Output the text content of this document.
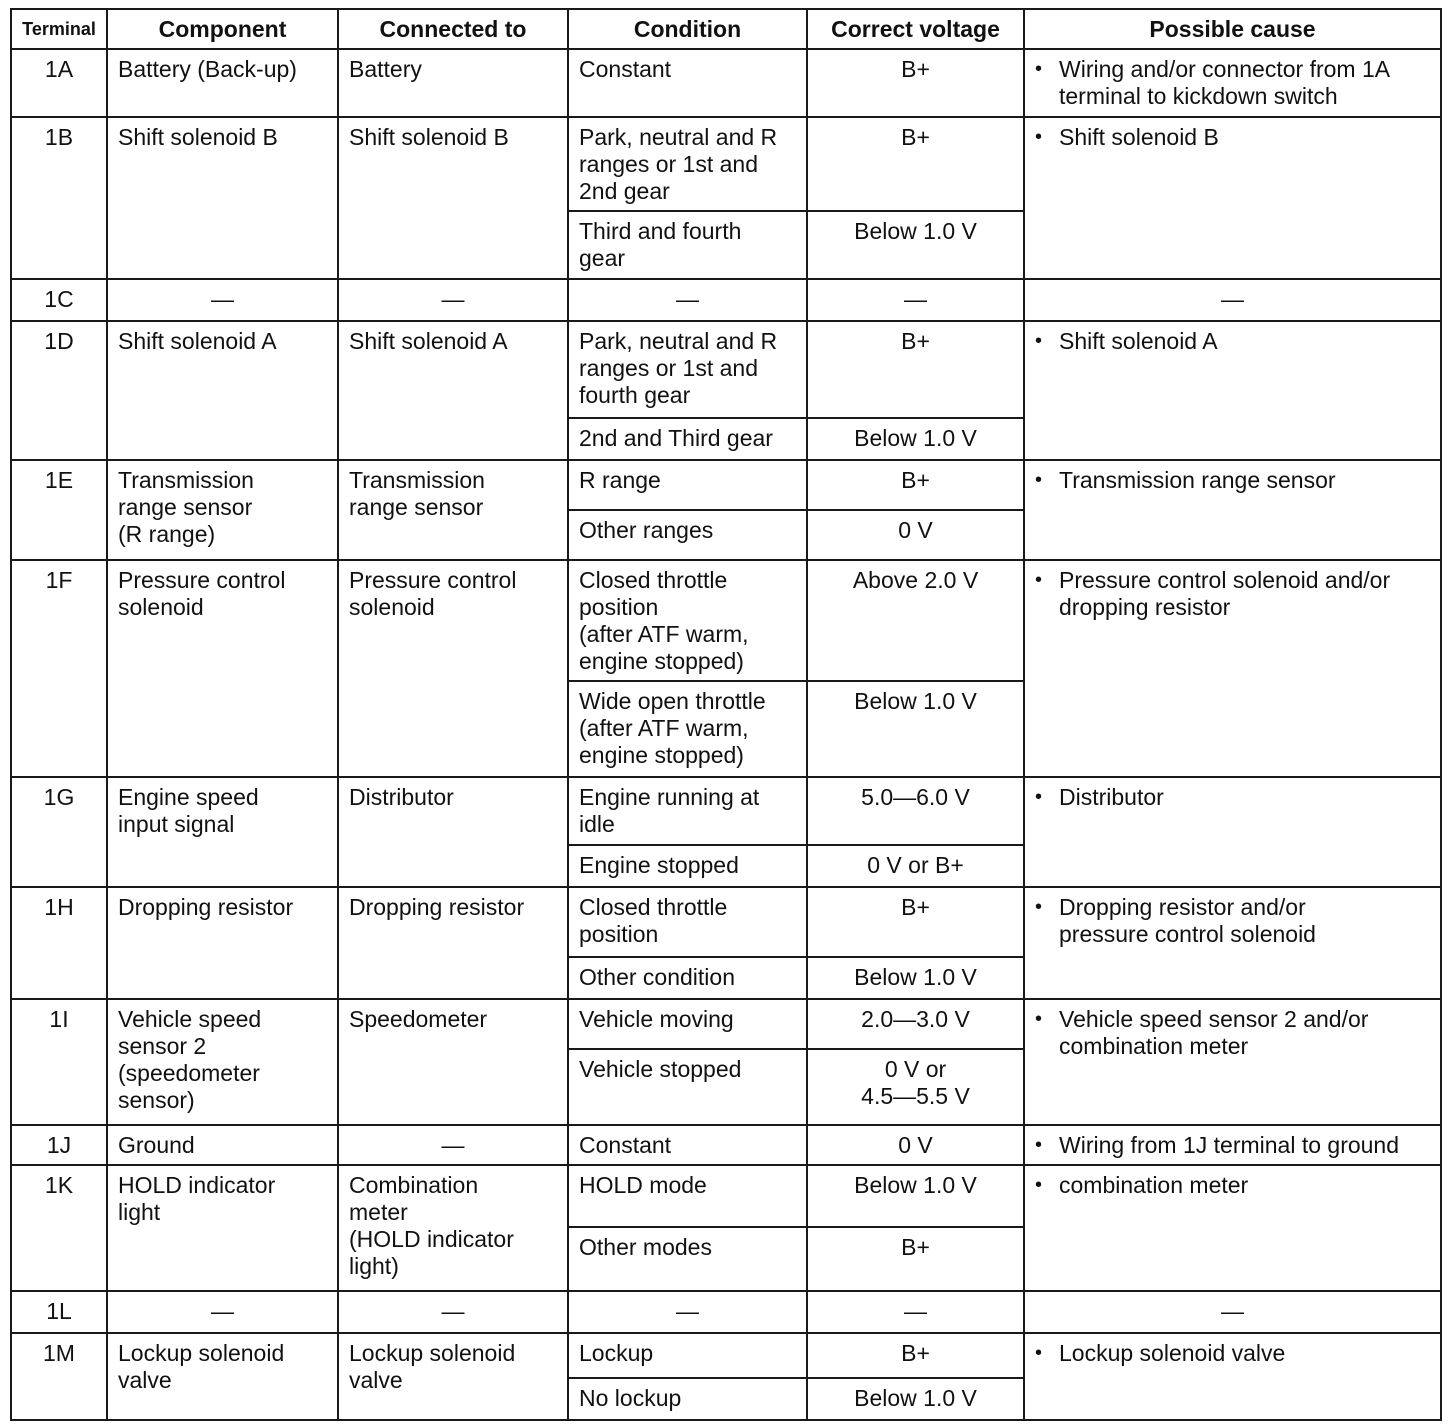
Terminal	Component	Connected to	Condition	Correct voltage	Possible cause
1A	Battery (Back-up)	Battery	Constant	B+	• Wiring and/or connector from 1A
terminal to kickdown switch

1B	Shift solenoid B	Shift solenoid B	Park, neutral and R
ranges or 1st and
2nd gear	B+	• Shift solenoid B

			Third and fourth
gear	Below 1.0 V	
1C	—	—	—	—	—
1D	Shift solenoid A	Shift solenoid A	Park, neutral and R
ranges or 1st and
fourth gear	B+	• Shift solenoid A

			2nd and Third gear	Below 1.0 V	
1E	Transmission
range sensor
(R range)	Transmission
range sensor	R range	B+	• Transmission range sensor

			Other ranges	0 V	
1F	Pressure control
solenoid	Pressure control
solenoid	Closed throttle
position
(after ATF warm,
engine stopped)	Above 2.0 V	• Pressure control solenoid and/or
dropping resistor

			Wide open throttle
(after ATF warm,
engine stopped)	Below 1.0 V	
1G	Engine speed
input signal	Distributor	Engine running at
idle	5.0—6.0 V	• Distributor

			Engine stopped	0 V or B+	
1H	Dropping resistor	Dropping resistor	Closed throttle
position	B+	• Dropping resistor and/or
pressure control solenoid

			Other condition	Below 1.0 V	
1I	Vehicle speed
sensor 2
(speedometer
sensor)	Speedometer	Vehicle moving	2.0—3.0 V	• Vehicle speed sensor 2 and/or
combination meter

			Vehicle stopped	0 V or
4.5—5.5 V	
1J	Ground	—	Constant	0 V	• Wiring from 1J terminal to ground

1K	HOLD indicator
light	Combination
meter
(HOLD indicator
light)	HOLD mode	Below 1.0 V	• combination meter

			Other modes	B+	
1L	—	—	—	—	—
1M	Lockup solenoid
valve	Lockup solenoid
valve	Lockup	B+	• Lockup solenoid valve

			No lockup	Below 1.0 V	
